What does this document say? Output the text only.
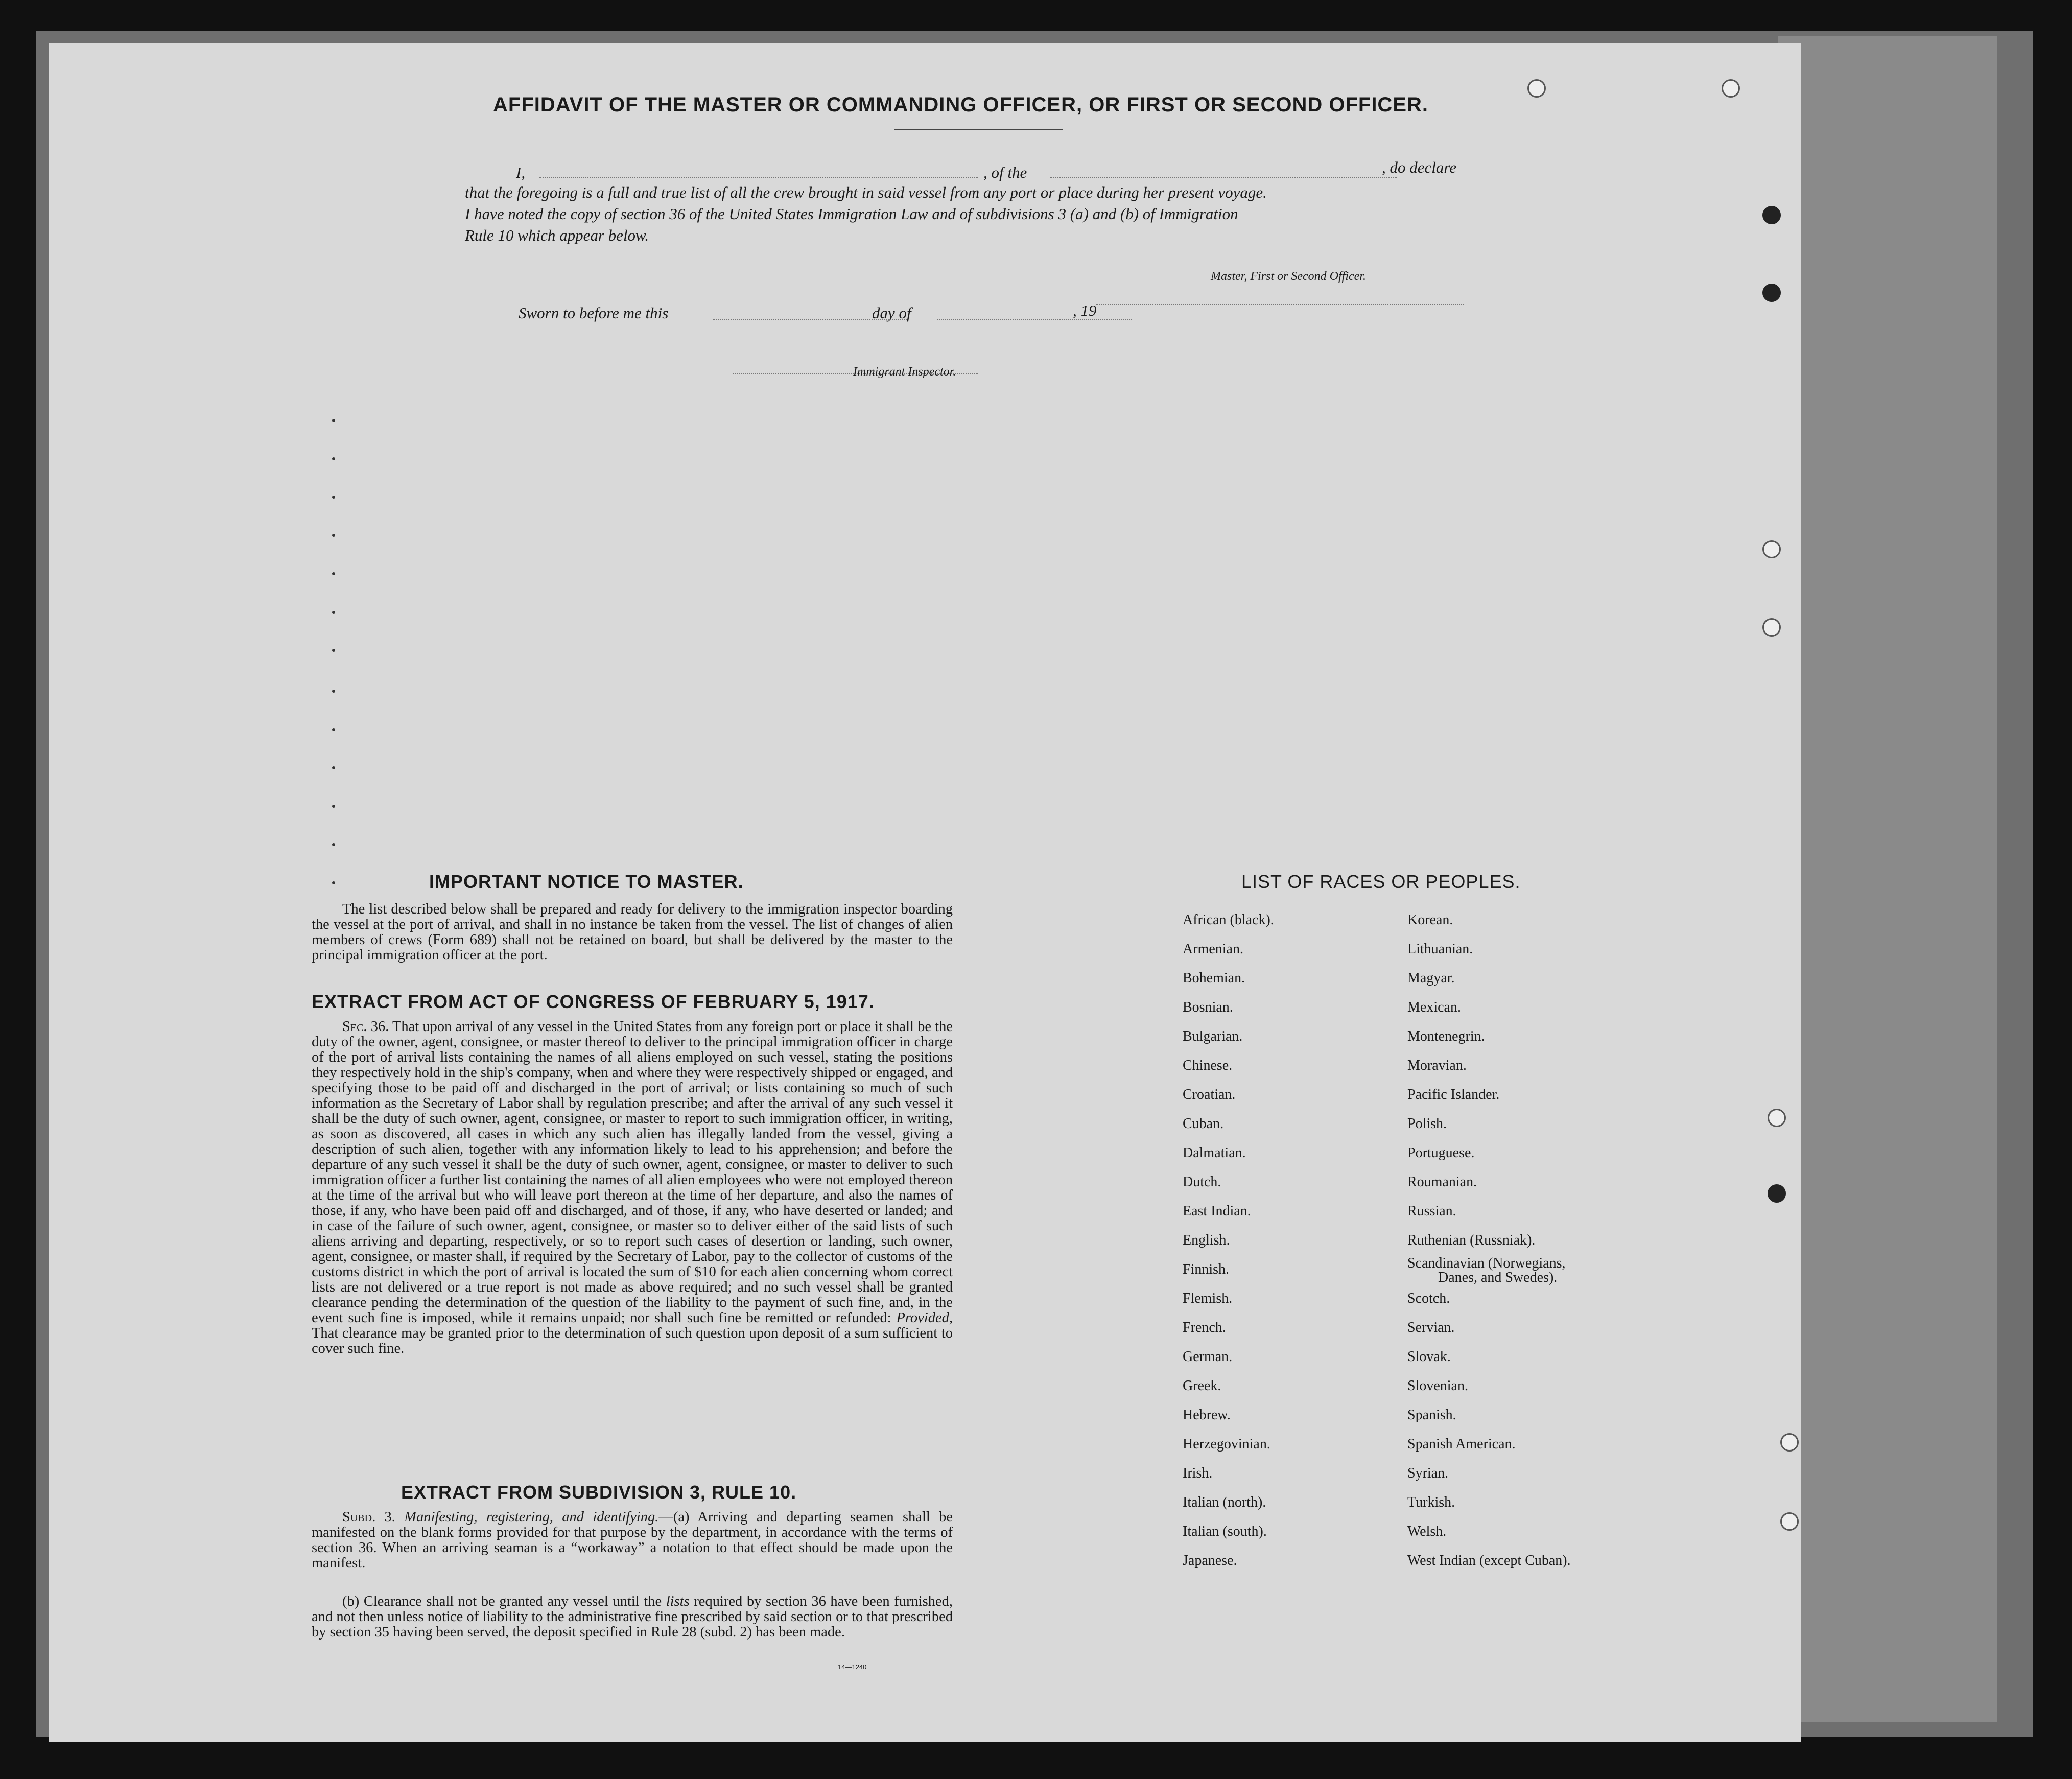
AFFIDAVIT OF THE MASTER OR COMMANDING OFFICER, OR FIRST OR SECOND OFFICER.
I,	, of the	, do declare
that the foregoing is a full and true list of all the crew brought in said vessel from any port or place during her present voyage.
I have noted the copy of section 36 of the United States Immigration Law and of subdivisions 3 (a) and (b) of Immigration
Rule 10 which appear below.
Master, First or Second Officer.
Sworn to before me this	day of	, 19
Immigrant Inspector.
IMPORTANT NOTICE TO MASTER.
The list described below shall be prepared and ready for delivery to the immigration inspector boarding the vessel at the port of arrival, and shall in no instance be taken from the vessel. The list of changes of alien members of crews (Form 689) shall not be retained on board, but shall be delivered by the master to the principal immigration officer at the port.
EXTRACT FROM ACT OF CONGRESS OF FEBRUARY 5, 1917.
Sec. 36. That upon arrival of any vessel in the United States from any foreign port or place it shall be the duty of the owner, agent, consignee, or master thereof to deliver to the principal immigration officer in charge of the port of arrival lists containing the names of all aliens employed on such vessel, stating the positions they respectively hold in the ship's company, when and where they were respectively shipped or engaged, and specifying those to be paid off and discharged in the port of arrival; or lists containing so much of such information as the Secretary of Labor shall by regulation prescribe; and after the arrival of any such vessel it shall be the duty of such owner, agent, consignee, or master to report to such immigration officer, in writing, as soon as discovered, all cases in which any such alien has illegally landed from the vessel, giving a description of such alien, together with any information likely to lead to his apprehension; and before the departure of any such vessel it shall be the duty of such owner, agent, consignee, or master to deliver to such immigration officer a further list containing the names of all alien employees who were not employed thereon at the time of the arrival but who will leave port thereon at the time of her departure, and also the names of those, if any, who have been paid off and discharged, and of those, if any, who have deserted or landed; and in case of the failure of such owner, agent, consignee, or master so to deliver either of the said lists of such aliens arriving and departing, respectively, or so to report such cases of desertion or landing, such owner, agent, consignee, or master shall, if required by the Secretary of Labor, pay to the collector of customs of the customs district in which the port of arrival is located the sum of $10 for each alien concerning whom correct lists are not delivered or a true report is not made as above required; and no such vessel shall be granted clearance pending the determination of the question of the liability to the payment of such fine, and, in the event such fine is imposed, while it remains unpaid; nor shall such fine be remitted or refunded: Provided, That clearance may be granted prior to the determination of such question upon deposit of a sum sufficient to cover such fine.
EXTRACT FROM SUBDIVISION 3, RULE 10.
Subd. 3. Manifesting, registering, and identifying.—(a) Arriving and departing seamen shall be manifested on the blank forms provided for that purpose by the department, in accordance with the terms of section 36. When an arriving seaman is a “workaway” a notation to that effect should be made upon the manifest.
(b) Clearance shall not be granted any vessel until the lists required by section 36 have been furnished, and not then unless notice of liability to the administrative fine prescribed by said section or to that prescribed by section 35 having been served, the deposit specified in Rule 28 (subd. 2) has been made.
14—1240
LIST OF RACES OR PEOPLES.
African (black).
Armenian.
Bohemian.
Bosnian.
Bulgarian.
Chinese.
Croatian.
Cuban.
Dalmatian.
Dutch.
East Indian.
English.
Finnish.
Flemish.
French.
German.
Greek.
Hebrew.
Herzegovinian.
Irish.
Italian (north).
Italian (south).
Japanese.
Korean.
Lithuanian.
Magyar.
Mexican.
Montenegrin.
Moravian.
Pacific Islander.
Polish.
Portuguese.
Roumanian.
Russian.
Ruthenian (Russniak).
Scandinavian (Norwegians,
Danes, and Swedes).
Scotch.
Servian.
Slovak.
Slovenian.
Spanish.
Spanish American.
Syrian.
Turkish.
Welsh.
West Indian (except Cuban).
